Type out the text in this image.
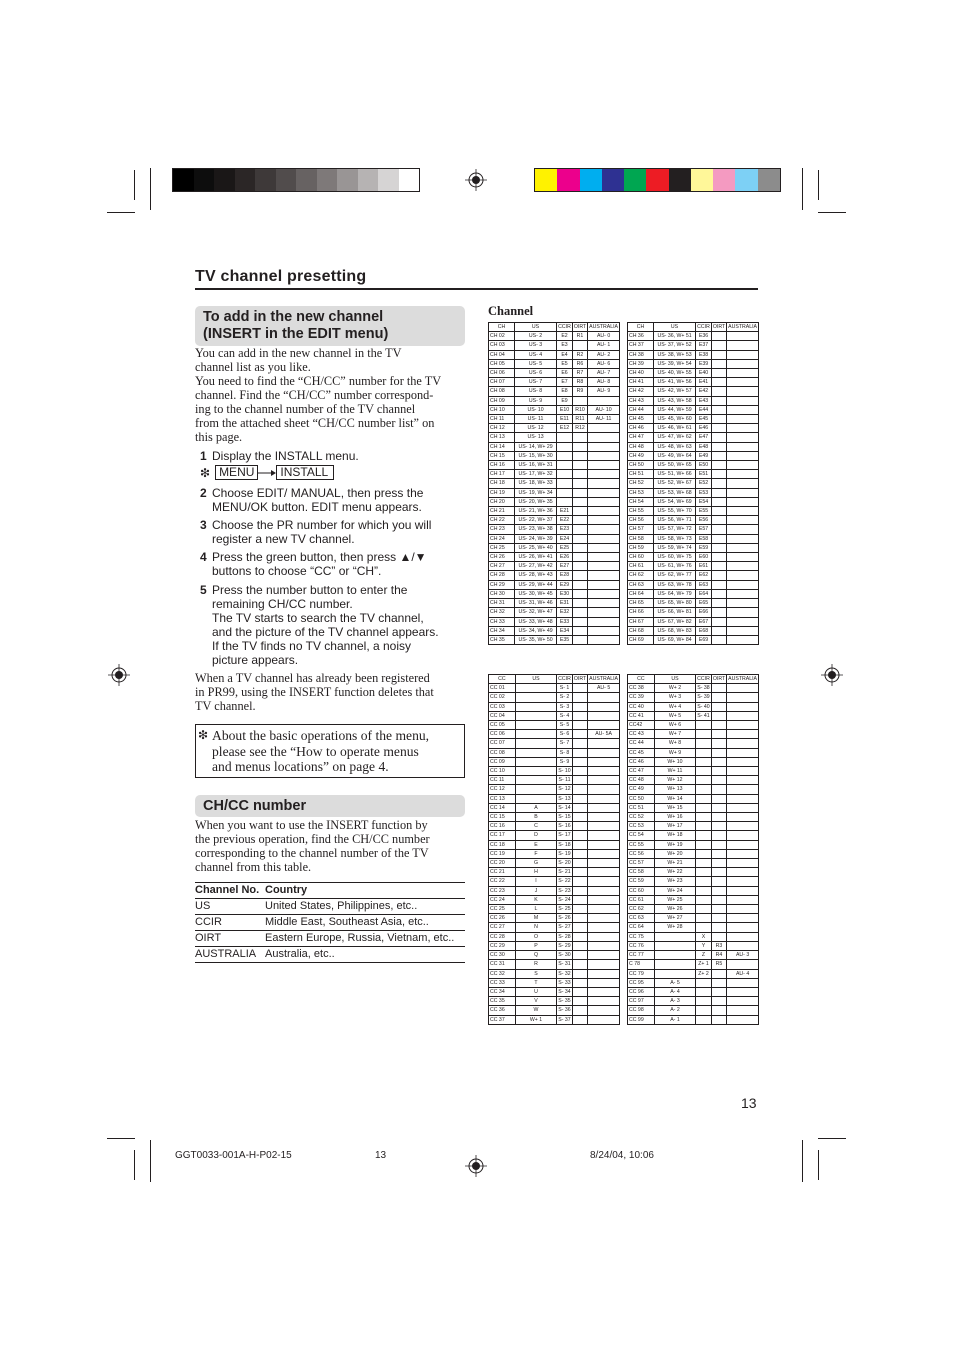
TV channel presetting
To add in the new channel
(INSERT in the EDIT menu)
You can add in the new channel in the TV
channel list as you like.
You need to find the “CH/CC” number for the TV
channel. Find the “CH/CC” number correspond-
ing to the channel number of the TV channel
from the attached sheet “CH/CC number list” on
this page.
1 Display the INSTALL menu.
❇ MENU	INSTALL
2 Choose EDIT/ MANUAL, then press the
MENU/OK button. EDIT menu appears.
3 Choose the PR number for which you will
register a new TV channel.
4 Press the green button, then press ▲/▼
buttons to choose “CC” or “CH”.
5 Press the number button to enter the
remaining CH/CC number.
The TV starts to search the TV channel,
and the picture of the TV channel appears.
If the TV finds no TV channel, a noisy
picture appears.
When a TV channel has already been registered
in PR99, using the INSERT function deletes that
TV channel.
❇ About the basic operations of the menu,
please see the “How to operate menus
and menus locations” on page 4.
CH/CC number
When you want to use the INSERT function by
the previous operation, find the CH/CC number
corresponding to the channel number of the TV
channel from this table.
Channel No. Country
US	United States, Philippines, etc..
CCIR	Middle East, Southeast Asia, etc..
OIRT	Eastern Europe, Russia, Vietnam, etc..
AUSTRALIA Australia, etc..
Channel
CH	US	CCIR	OIRT	AUSTRALIA
CH 02	US- 2	E2	R1	AU- 0
CH 03	US- 3	E3		AU- 1
CH 04	US- 4	E4	R2	AU- 2
CH 05	US- 5	E5	R6	AU- 6
CH 06	US- 6	E6	R7	AU- 7
CH 07	US- 7	E7	R8	AU- 8
CH 08	US- 8	E8	R9	AU- 9
CH 09	US- 9	E9		
CH 10	US- 10	E10	R10	AU- 10
CH 11	US- 11	E11	R11	AU- 11
CH 12	US- 12	E12	R12	
CH 13	US- 13			
CH 14	US- 14, W+ 29			
CH 15	US- 15, W+ 30			
CH 16	US- 16, W+ 31			
CH 17	US- 17, W+ 32			
CH 18	US- 18, W+ 33			
CH 19	US- 19, W+ 34			
CH 20	US- 20, W+ 35			
CH 21	US- 21, W+ 36	E21		
CH 22	US- 22, W+ 37	E22		
CH 23	US- 23, W+ 38	E23		
CH 24	US- 24, W+ 39	E24		
CH 25	US- 25, W+ 40	E25		
CH 26	US- 26, W+ 41	E26		
CH 27	US- 27, W+ 42	E27		
CH 28	US- 28, W+ 43	E28		
CH 29	US- 29, W+ 44	E29		
CH 30	US- 30, W+ 45	E30		
CH 31	US- 31, W+ 46	E31		
CH 32	US- 32, W+ 47	E32		
CH 33	US- 33, W+ 48	E33		
CH 34	US- 34, W+ 49	E34		
CH 35	US- 35, W+ 50	E35		
CH	US	CCIR	OIRT	AUSTRALIA
CH 36	US- 36, W+ 51	E36		
CH 37	US- 37, W+ 52	E37		
CH 38	US- 38, W+ 53	E38		
CH 39	US- 39, W+ 54	E39		
CH 40	US- 40, W+ 55	E40		
CH 41	US- 41, W+ 56	E41		
CH 42	US- 42, W+ 57	E42		
CH 43	US- 43, W+ 58	E43		
CH 44	US- 44, W+ 59	E44		
CH 45	US- 45, W+ 60	E45		
CH 46	US- 46, W+ 61	E46		
CH 47	US- 47, W+ 62	E47		
CH 48	US- 48, W+ 63	E48		
CH 49	US- 49, W+ 64	E49		
CH 50	US- 50, W+ 65	E50		
CH 51	US- 51, W+ 66	E51		
CH 52	US- 52, W+ 67	E52		
CH 53	US- 53, W+ 68	E53		
CH 54	US- 54, W+ 69	E54		
CH 55	US- 55, W+ 70	E55		
CH 56	US- 56, W+ 71	E56		
CH 57	US- 57, W+ 72	E57		
CH 58	US- 58, W+ 73	E58		
CH 59	US- 59, W+ 74	E59		
CH 60	US- 60, W+ 75	E60		
CH 61	US- 61, W+ 76	E61		
CH 62	US- 62, W+ 77	E62		
CH 63	US- 63, W+ 78	E63		
CH 64	US- 64, W+ 79	E64		
CH 65	US- 65, W+ 80	E65		
CH 66	US- 66, W+ 81	E66		
CH 67	US- 67, W+ 82	E67		
CH 68	US- 68, W+ 83	E68		
CH 69	US- 69, W+ 84	E69		
CC	US	CCIR	OIRT	AUSTRALIA
CC 01		S- 1		AU- 5
CC 02		S- 2		
CC 03		S- 3		
CC 04		S- 4		
CC 05		S- 5		
CC 06		S- 6		AU- 5A
CC 07		S- 7		
CC 08		S- 8		
CC 09		S- 9		
CC 10		S- 10		
CC 11		S- 11		
CC 12		S- 12		
CC 13		S- 13		
CC 14	A	S- 14		
CC 15	B	S- 15		
CC 16	C	S- 16		
CC 17	D	S- 17		
CC 18	E	S- 18		
CC 19	F	S- 19		
CC 20	G	S- 20		
CC 21	H	S- 21		
CC 22	I	S- 22		
CC 23	J	S- 23		
CC 24	K	S- 24		
CC 25	L	S- 25		
CC 26	M	S- 26		
CC 27	N	S- 27		
CC 28	O	S- 28		
CC 29	P	S- 29		
CC 30	Q	S- 30		
CC 31	R	S- 31		
CC 32	S	S- 32		
CC 33	T	S- 33		
CC 34	U	S- 34		
CC 35	V	S- 35		
CC 36	W	S- 36		
CC 37	W+ 1	S- 37		
CC	US	CCIR	OIRT	AUSTRALIA
CC 38	W+ 2	S- 38		
CC 39	W+ 3	S- 39		
CC 40	W+ 4	S- 40		
CC 41	W+ 5	S- 41		
CC42	W+ 6			
CC 43	W+ 7			
CC 44	W+ 8			
CC 45	W+ 9			
CC 46	W+ 10			
CC 47	W+ 11			
CC 48	W+ 12			
CC 49	W+ 13			
CC 50	W+ 14			
CC 51	W+ 15			
CC 52	W+ 16			
CC 53	W+ 17			
CC 54	W+ 18			
CC 55	W+ 19			
CC 56	W+ 20			
CC 57	W+ 21			
CC 58	W+ 22			
CC 59	W+ 23			
CC 60	W+ 24			
CC 61	W+ 25			
CC 62	W+ 26			
CC 63	W+ 27			
CC 64	W+ 28			
CC 75		X		
CC 76		Y	R3	
CC 77		Z	R4	AU- 3
C 78		Z+ 1	R5	
CC 79		Z+ 2		AU- 4
CC 95	A- 5			
CC 96	A- 4			
CC 97	A- 3			
CC 98	A- 2			
CC 99	A- 1			
13
GGT0033-001A-H-P02-15	13	8/24/04, 10:06
